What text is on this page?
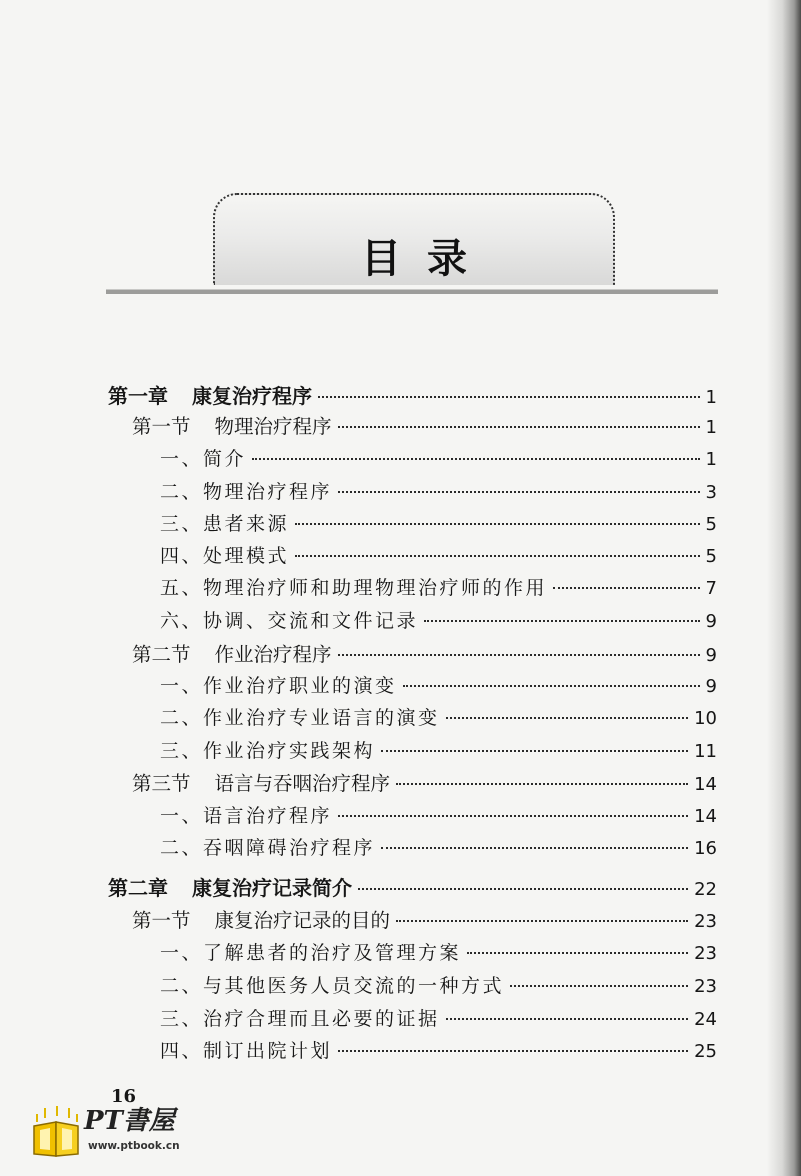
目录
第一章 康复治疗程序	1
第一节 物理治疗程序	1
一、简介	1
二、物理治疗程序	3
三、患者来源	5
四、处理模式	5
五、物理治疗师和助理物理治疗师的作用	7
六、协调、交流和文件记录	9
第二节 作业治疗程序	9
一、作业治疗职业的演变	9
二、作业治疗专业语言的演变	10
三、作业治疗实践架构	11
第三节 语言与吞咽治疗程序	14
一、语言治疗程序	14
二、吞咽障碍治疗程序	16
第二章 康复治疗记录简介	22
第一节 康复治疗记录的目的	23
一、了解患者的治疗及管理方案	23
二、与其他医务人员交流的一种方式	23
三、治疗合理而且必要的证据	24
四、制订出院计划	25
16
PT書屋
www.ptbook.cn
